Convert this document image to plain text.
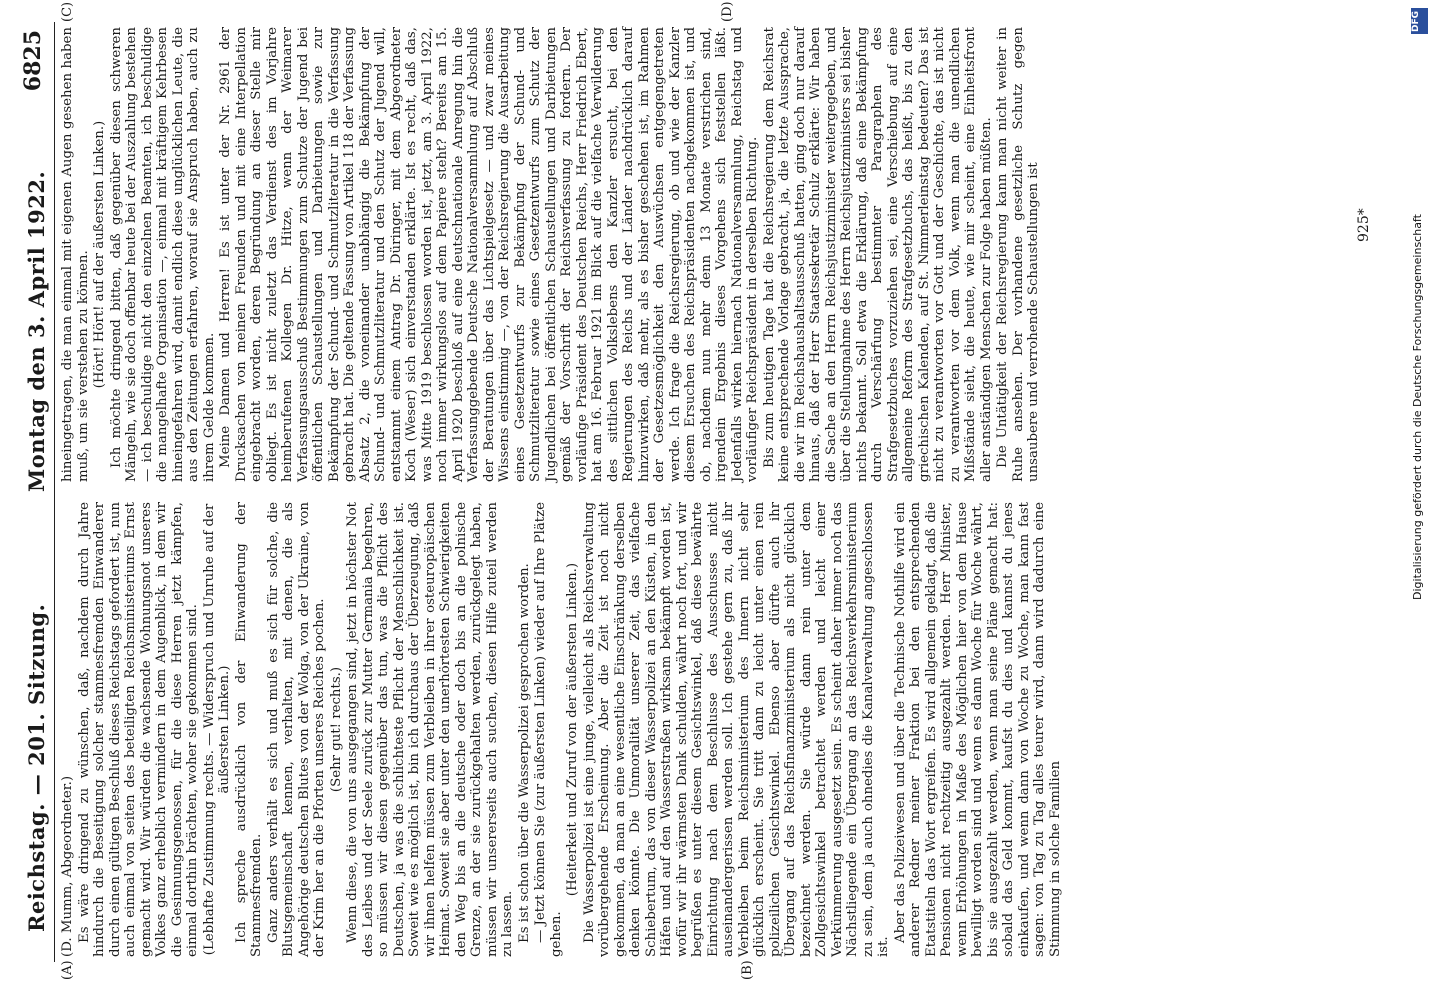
Reichstag. — 201. Sitzung.
Montag den 3. April 1922.
6825
(A)	(B)
(C)	(D)

(D. Mumm, Abgeordneter.) Es wäre dringend zu wünschen, daß, nachdem durch Jahre hindurch die Beseitigung solcher stammesfremden Einwanderer durch einen gültigen Beschluß dieses Reichstags gefordert ist, nun auch einmal von seiten des beteiligten Reichsministeriums Ernst gemacht wird. Wir würden die wachsende Wohnungsnot unseres Volkes ganz erheblich vermindern in dem Augenblick, in dem wir die Gesinnungsgenossen, für die diese Herren jetzt kämpfen, einmal dorthin brächten, woher sie gekommen sind. (Lebhafte Zustimmung rechts. — Widerspruch und Unruhe auf der äußersten Linken.) Ich spreche ausdrücklich von der Einwanderung der Stammesfremden. Ganz anders verhält es sich und muß es sich für solche, die Blutsgemeinschaft kennen, verhalten, mit denen, die als Angehörige deutschen Blutes von der Wolga, von der Ukraine, von der Krim her an die Pforten unseres Reiches pochen. (Sehr gut! rechts.) Wenn diese, die von uns ausgegangen sind, jetzt in höchster Not des Leibes und der Seele zurück zur Mutter Germania begehren, so müssen wir diesen gegenüber das tun, was die Pflicht des Deutschen, ja was die schlichteste Pflicht der Menschlichkeit ist. Soweit wie es möglich ist, bin ich durchaus der Überzeugung, daß wir ihnen helfen müssen zum Verbleiben in ihrer osteuropäischen Heimat. Soweit sie aber unter den unerhörtesten Schwierigkeiten den Weg bis an die deutsche oder doch bis an die polnische Grenze, an der sie zurückgehalten werden, zurückgelegt haben, müssen wir unsererseits auch suchen, diesen Hilfe zuteil werden zu lassen. Es ist schon über die Wasserpolizei gesprochen worden. — Jetzt können Sie (zur äußersten Linken) wieder auf Ihre Plätze gehen.

(Heiterkeit und Zuruf von der äußersten Linken.) Die Wasserpolizei ist eine junge, vielleicht als Reichsverwaltung vorübergehende Erscheinung. Aber die Zeit ist noch nicht gekommen, da man an eine wesentliche Einschränkung derselben denken könnte. Die Unmoralität unserer Zeit, das vielfache Schiebertum, das von dieser Wasserpolizei an den Küsten, in den Häfen und auf den Wasserstraßen wirksam bekämpft worden ist, wofür wir ihr wärmsten Dank schulden, währt noch fort, und wir begrüßen es unter diesem Gesichtswinkel, daß diese bewährte Einrichtung nach dem Beschlusse des Ausschusses nicht auseinandergerissen werden soll. Ich gestehe gern zu, daß ihr Verbleiben beim Reichsministerium des Innern nicht sehr glücklich erscheint. Sie tritt dann zu leicht unter einen rein polizeilichen Gesichtswinkel. Ebenso aber dürfte auch ihr Übergang auf das Reichsfinanzministerium als nicht glücklich bezeichnet werden. Sie würde dann rein unter dem Zollgesichtswinkel betrachtet werden und leicht einer Verkümmerung ausgesetzt sein. Es scheint daher immer noch das Nächstliegende ein Übergang an das Reichsverkehrsministerium zu sein, dem ja auch ohnedies die Kanalverwaltung angeschlossen ist.

Aber das Polizeiwesen und über die Technische Nothilfe wird ein anderer Redner meiner Fraktion bei den entsprechenden Etatstiteln das Wort ergreifen. Es wird allgemein geklagt, daß die Pensionen nicht rechtzeitig ausgezahlt werden. Herr Minister, wenn Erhöhungen in Maße des Möglichen hier von dem Hause bewilligt worden sind und wenn es dann Woche für Woche währt, bis sie ausgezahlt werden, wenn man seine Pläne gemacht hat: sobald das Geld kommt, kaufst du dies und kannst du jenes einkaufen, und wenn dann von Woche zu Woche, man kann fast sagen: von Tag zu Tag alles teurer wird, dann wird dadurch eine Stimmung in solche Familien

hineingetragen, die man einmal mit eigenen Augen gesehen haben muß, um sie verstehen zu können. (Hört! Hört! auf der äußersten Linken.) Ich möchte dringend bitten, daß gegenüber diesen schweren Mängeln, wie sie doch offenbar heute bei der Auszahlung bestehen — ich beschuldige nicht den einzelnen Beamten, ich beschuldige die mangelhafte Organisation —, einmal mit kräftigem Kehrbesen hineingefahren wird, damit endlich diese unglücklichen Leute, die aus den Zeitungen erfahren, worauf sie Anspruch haben, auch zu ihrem Gelde kommen. Meine Damen und Herren! Es ist unter der Nr. 2961 der Drucksachen von meinen Freunden und mit eine Interpellation eingebracht worden, deren Begründung an dieser Stelle mir obliegt. Es ist nicht zuletzt das Verdienst des im Vorjahre heimberufenen Kollegen Dr. Hitze, wenn der Weimarer Verfassungsausschuß Bestimmungen zum Schutze der Jugend bei öffentlichen Schaustellungen und Darbietungen sowie zur Bekämpfung der Schund- und Schmutzliteratur in die Verfassung gebracht hat. Die geltende Fassung von Artikel 118 der Verfassung Absatz 2, die voneinander unabhängig die Bekämpfung der Schund- und Schmutzliteratur und den Schutz der Jugend will, entstammt einem Antrag Dr. Düringer, mit dem Abgeordneter Koch (Weser) sich einverstanden erklärte. Ist es recht, daß das, was Mitte 1919 beschlossen worden ist, jetzt, am 3. April 1922, noch immer wirkungslos auf dem Papiere steht? Bereits am 15. April 1920 beschloß auf eine deutschnationale Anregung hin die Verfassunggebende Deutsche Nationalversammlung auf Abschluß der Beratungen über das Lichtspielgesetz — und zwar meines Wissens einstimmig —, von der Reichsregierung die Ausarbeitung eines Gesetzentwurfs zur Bekämpfung der Schund- und Schmutzliteratur sowie eines Gesetzentwurfs zum Schutz der Jugendlichen bei öffentlichen Schaustellungen und Darbietungen gemäß der Vorschrift der Reichsverfassung zu fordern. Der vorläufige Präsident des Deutschen Reichs, Herr Friedrich Ebert, hat am 16. Februar 1921 im Blick auf die vielfache Verwilderung des sittlichen Volkslebens den Kanzler ersucht, bei den Regierungen des Reichs und der Länder nachdrücklich darauf hinzuwirken, daß mehr, als es bisher geschehen ist, im Rahmen der Gesetzesmöglichkeit den Auswüchsen entgegengetreten werde. Ich frage die Reichsregierung, ob und wie der Kanzler diesem Ersuchen des Reichspräsidenten nachgekommen ist, und ob, nachdem nun mehr denn 13 Monate verstrichen sind, irgendein Ergebnis dieses Vorgehens sich feststellen läßt. Jedenfalls wirken hiernach Nationalversammlung, Reichstag und vorläufiger Reichspräsident in derselben Richtung. Bis zum heutigen Tage hat die Reichsregierung dem Reichsrat keine entsprechende Vorlage gebracht, ja, die letzte Aussprache, die wir im Reichshaushaltsausschuß hatten, ging doch nur darauf hinaus, daß der Herr Staatssekretär Schulz erklärte: Wir haben die Sache an den Herrn Reichsjustizminister weitergegeben, und über die Stellungnahme des Herrn Reichsjustizministers sei bisher nichts bekannt. Soll etwa die Erklärung, daß eine Bekämpfung durch Verschärfung bestimmter Paragraphen des Strafgesetzbuches vorzuziehen sei, eine Verschiebung auf eine allgemeine Reform des Strafgesetzbuchs, das heißt, bis zu den griechischen Kalenden, auf St. Nimmerleinstag bedeuten? Das ist nicht zu verantworten vor Gott und der Geschichte, das ist nicht zu verantworten vor dem Volk, wenn man die unendlichen Mißstände sieht, die heute, wie mir scheint, eine Einheitsfront aller anständigen Menschen zur Folge haben müßten. Die Untätigkeit der Reichsregierung kann man nicht weiter in Ruhe ansehen. Der vorhandene gesetzliche Schutz gegen unsaubere und verrohende Schaustellungen ist	925*
DFG
Digitalisierung gefördert durch die Deutsche Forschungsgemeinschaft
